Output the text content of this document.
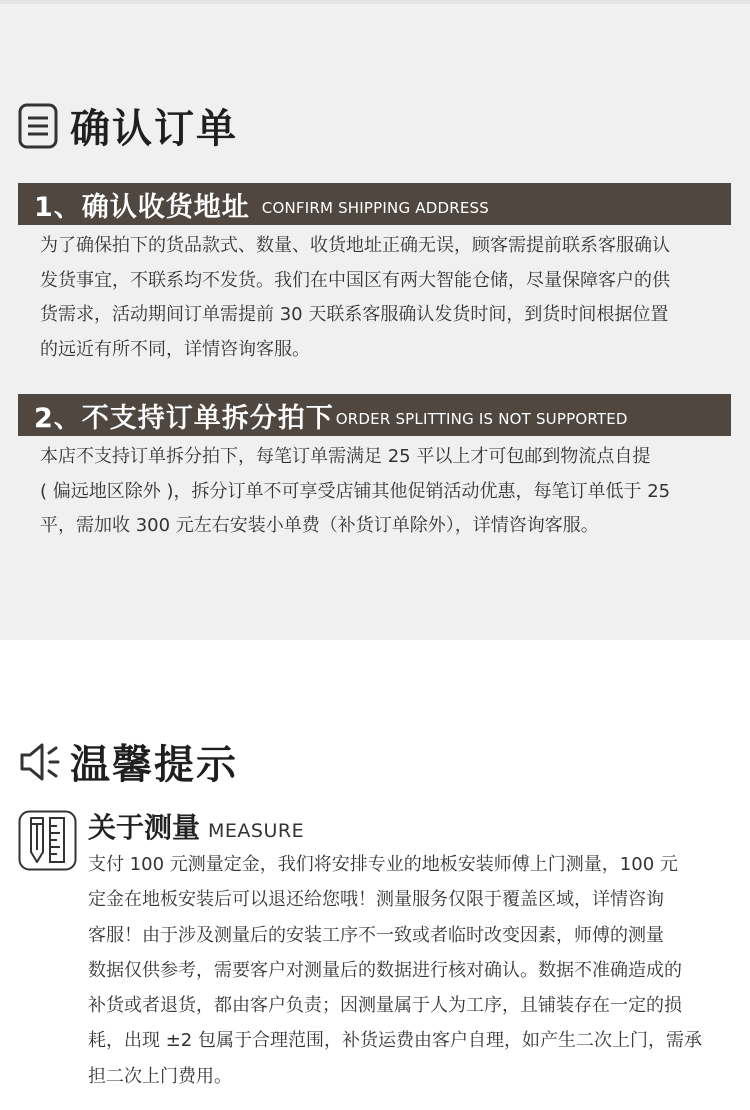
确认订单
1、确认收货地址 CONFIRM SHIPPING ADDRESS

为了确保拍下的货品款式、数量、收货地址正确无误，顾客需提前联系客服确认
发货事宜，不联系均不发货。我们在中国区有两大智能仓储，尽量保障客户的供
货需求，活动期间订单需提前 30 天联系客服确认发货时间，到货时间根据位置
的远近有所不同，详情咨询客服。

2、不支持订单拆分拍下 ORDER SPLITTING IS NOT SUPPORTED

本店不支持订单拆分拍下，每笔订单需满足 25 平以上才可包邮到物流点自提
( 偏远地区除外 )，拆分订单不可享受店铺其他促销活动优惠，每笔订单低于 25
平，需加收 300 元左右安装小单费（补货订单除外），详情咨询客服。

温馨提示
关于测量 MEASURE

支付 100 元测量定金，我们将安排专业的地板安装师傅上门测量，100 元
定金在地板安装后可以退还给您哦！测量服务仅限于覆盖区域，详情咨询
客服！由于涉及测量后的安装工序不一致或者临时改变因素，师傅的测量
数据仅供参考，需要客户对测量后的数据进行核对确认。数据不准确造成的
补货或者退货，都由客户负责；因测量属于人为工序，且铺装存在一定的损
耗，出现 ±2 包属于合理范围，补货运费由客户自理，如产生二次上门，需承
担二次上门费用。
